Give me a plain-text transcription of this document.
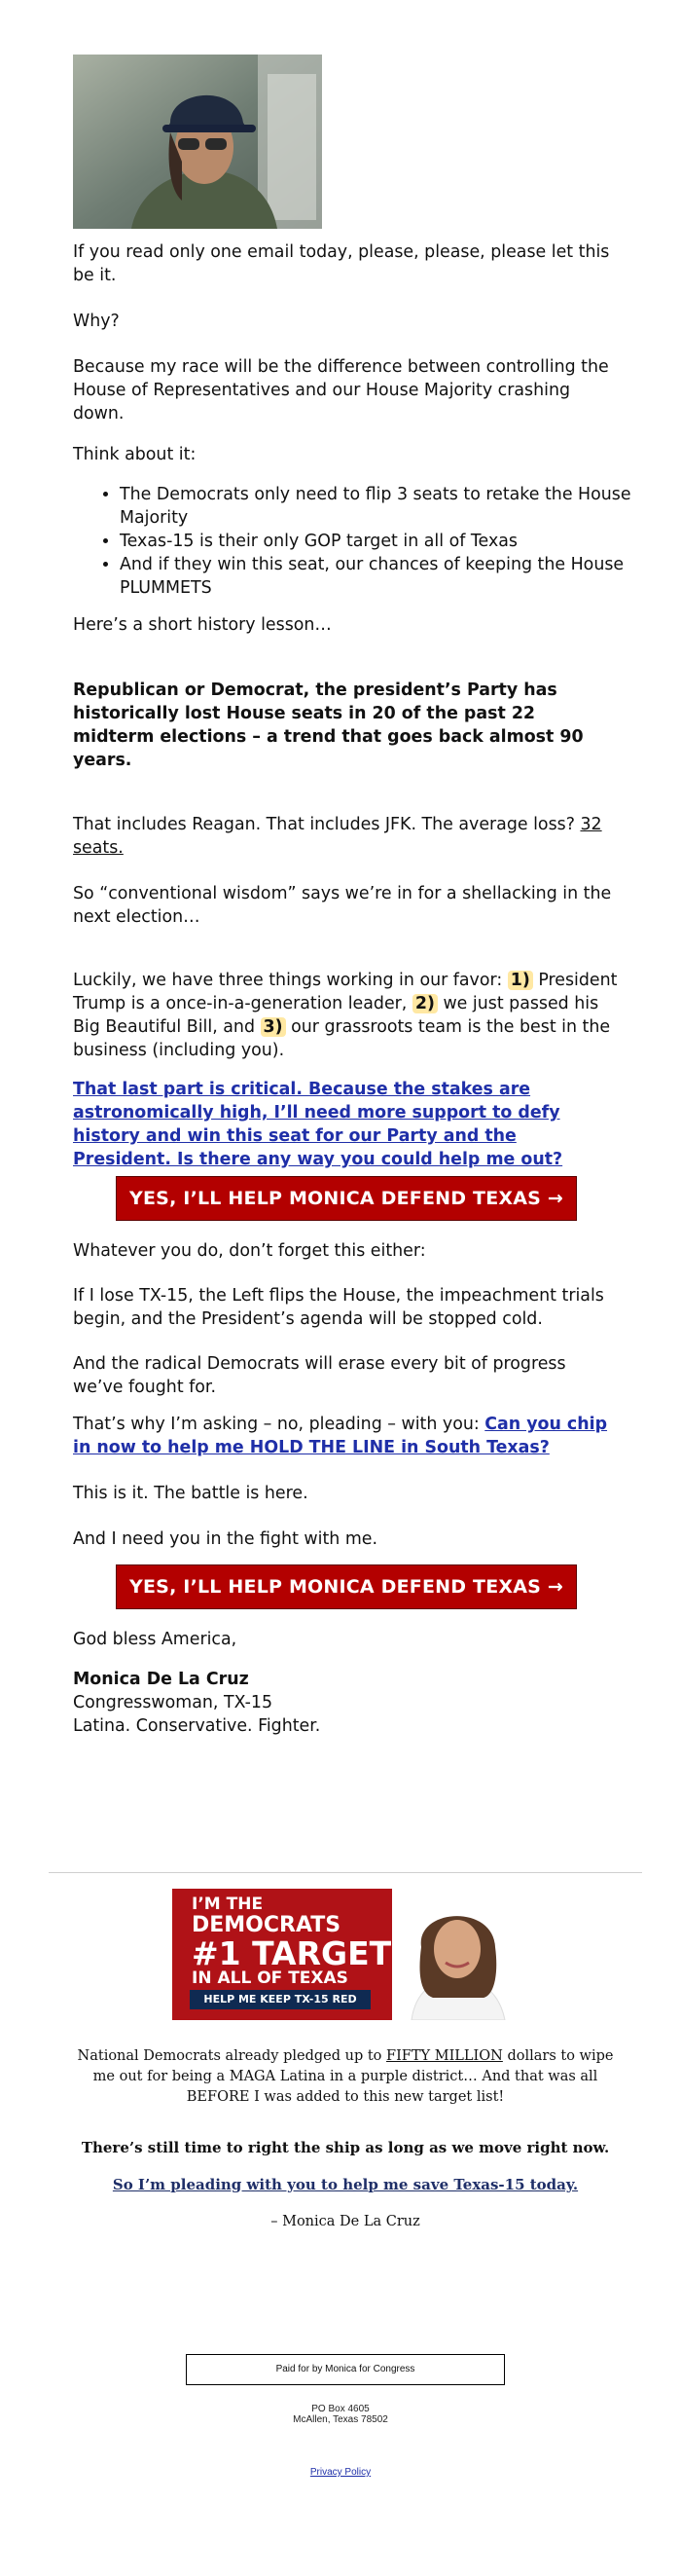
If you read only one email today, please, please, please let this be it.

Why?

Because my race will be the difference between controlling the House of Representatives and our House Majority crashing down.

Think about it:

• The Democrats only need to flip 3 seats to retake the House Majority
• Texas-15 is their only GOP target in all of Texas
• And if they win this seat, our chances of keeping the House PLUMMETS

Here’s a short history lesson…

Republican or Democrat, the president’s Party has historically lost House seats in 20 of the past 22 midterm elections – a trend that goes back almost 90 years.

That includes Reagan. That includes JFK. The average loss? 32 seats.

So “conventional wisdom” says we’re in for a shellacking in the next election…

Luckily, we have three things working in our favor: 1) President Trump is a once-in-a-generation leader, 2) we just passed his Big Beautiful Bill, and 3) our grassroots team is the best in the business (including you).

That last part is critical. Because the stakes are astronomically high, I’ll need more support to defy history and win this seat for our Party and the President. Is there any way you could help me out?

YES, I’LL HELP MONICA DEFEND TEXAS →

Whatever you do, don’t forget this either:

If I lose TX-15, the Left flips the House, the impeachment trials begin, and the President’s agenda will be stopped cold.

And the radical Democrats will erase every bit of progress we’ve fought for.

That’s why I’m asking – no, pleading – with you: Can you chip in now to help me HOLD THE LINE in South Texas?

This is it. The battle is here.

And I need you in the fight with me.

YES, I’LL HELP MONICA DEFEND TEXAS →

God bless America,

Monica De La Cruz

Congresswoman, TX-15

Latina. Conservative. Fighter.

I’M THE
DEMOCRATS
#1 TARGET
IN ALL OF TEXAS
HELP ME KEEP TX-15 RED

National Democrats already pledged up to FIFTY MILLION dollars to wipe me out for being a MAGA Latina in a purple district… And that was all BEFORE I was added to this new target list!

There’s still time to right the ship as long as we move right now.

So I’m pleading with you to help me save Texas-15 today.

– Monica De La Cruz

Paid for by Monica for Congress
PO Box 4605
McAllen, Texas 78502
Privacy Policy
